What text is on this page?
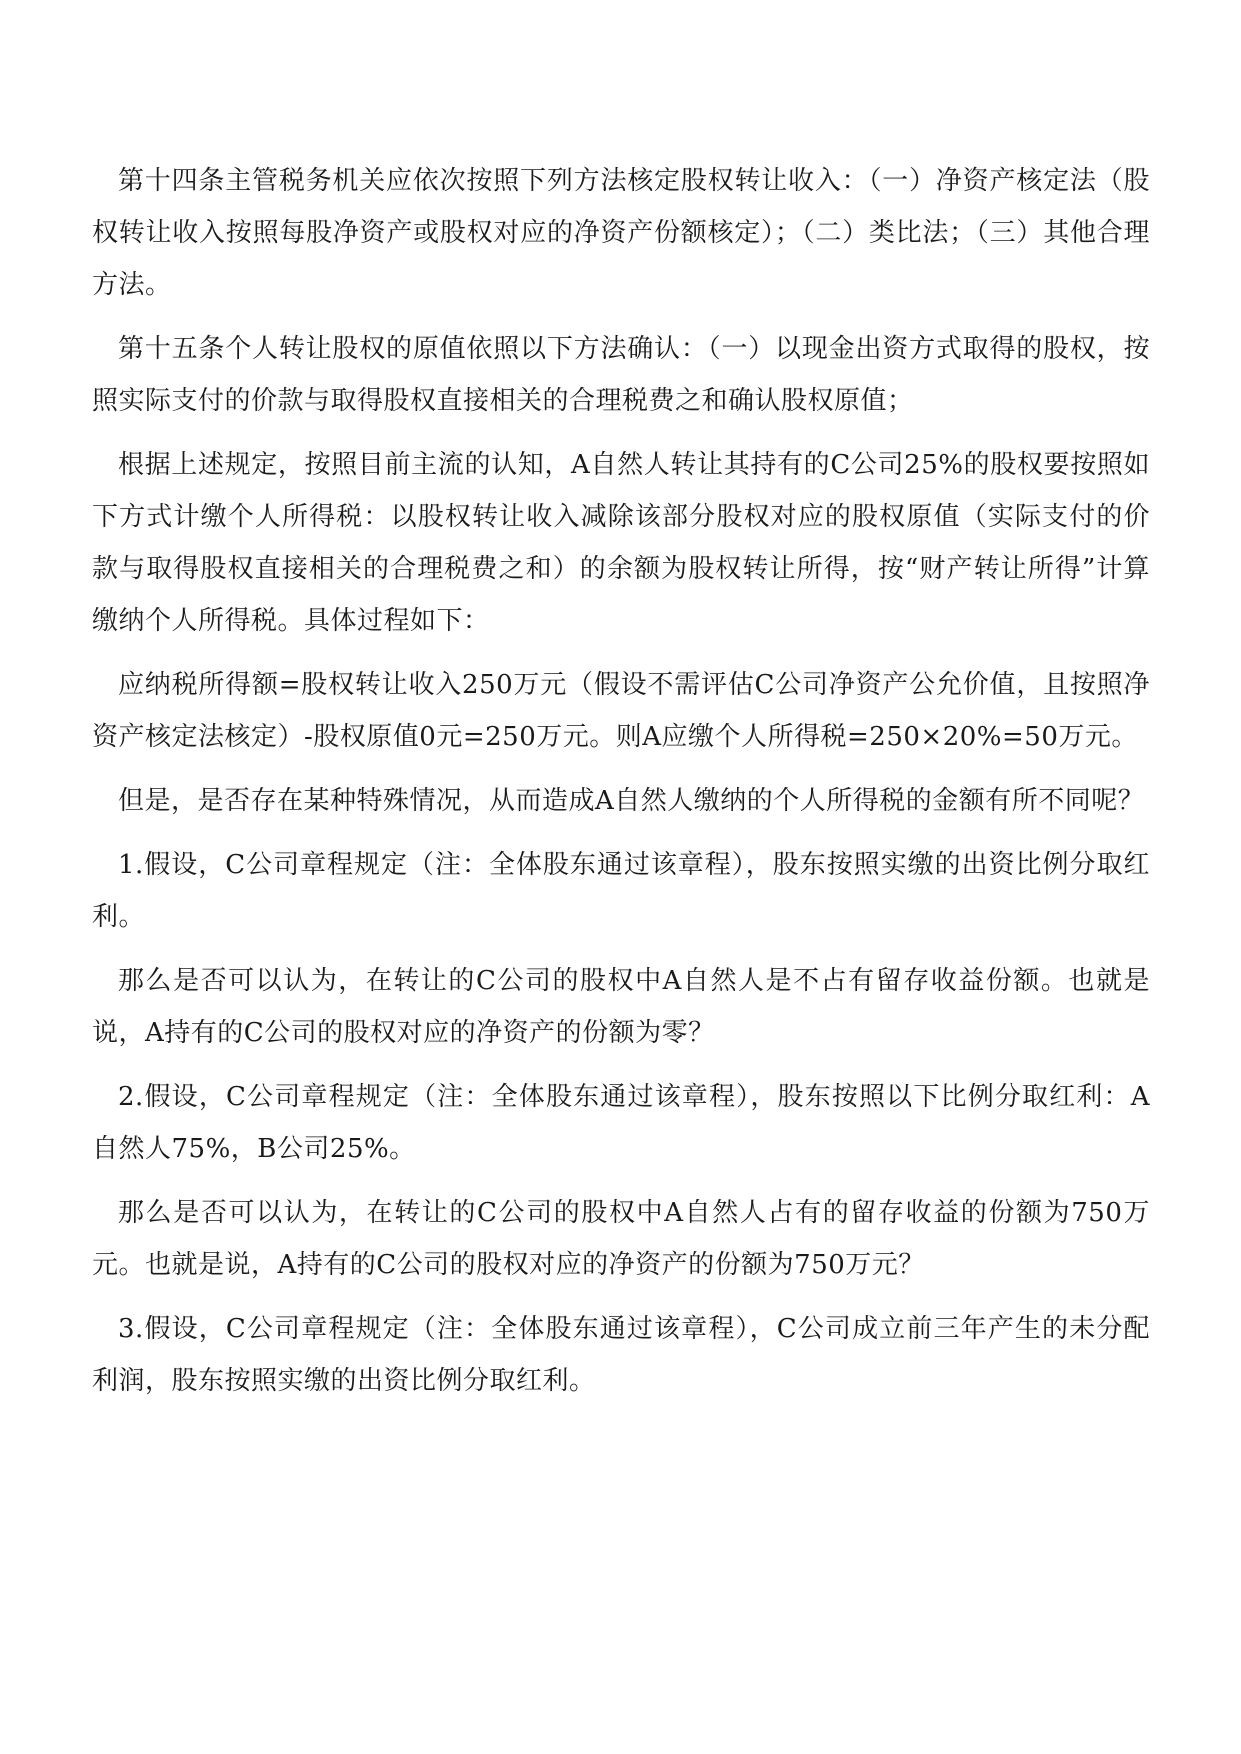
第十四条主管税务机关应依次按照下列方法核定股权转让收入：（一）净资产核定法（股权转让收入按照每股净资产或股权对应的净资产份额核定）；（二）类比法；（三）其他合理方法。

第十五条个人转让股权的原值依照以下方法确认：（一）以现金出资方式取得的股权，按照实际支付的价款与取得股权直接相关的合理税费之和确认股权原值；

根据上述规定，按照目前主流的认知，A自然人转让其持有的C公司25%的股权要按照如下方式计缴个人所得税：以股权转让收入减除该部分股权对应的股权原值（实际支付的价款与取得股权直接相关的合理税费之和）的余额为股权转让所得，按“财产转让所得”计算缴纳个人所得税。具体过程如下：

应纳税所得额=股权转让收入250万元（假设不需评估C公司净资产公允价值，且按照净资产核定法核定）-股权原值0元=250万元。则A应缴个人所得税=250×20%=50万元。

但是，是否存在某种特殊情况，从而造成A自然人缴纳的个人所得税的金额有所不同呢？

1.假设，C公司章程规定（注：全体股东通过该章程），股东按照实缴的出资比例分取红利。

那么是否可以认为，在转让的C公司的股权中A自然人是不占有留存收益份额。也就是说，A持有的C公司的股权对应的净资产的份额为零？

2.假设，C公司章程规定（注：全体股东通过该章程），股东按照以下比例分取红利：A自然人75%，B公司25%。

那么是否可以认为，在转让的C公司的股权中A自然人占有的留存收益的份额为750万元。也就是说，A持有的C公司的股权对应的净资产的份额为750万元？

3.假设，C公司章程规定（注：全体股东通过该章程），C公司成立前三年产生的未分配利润，股东按照实缴的出资比例分取红利。
